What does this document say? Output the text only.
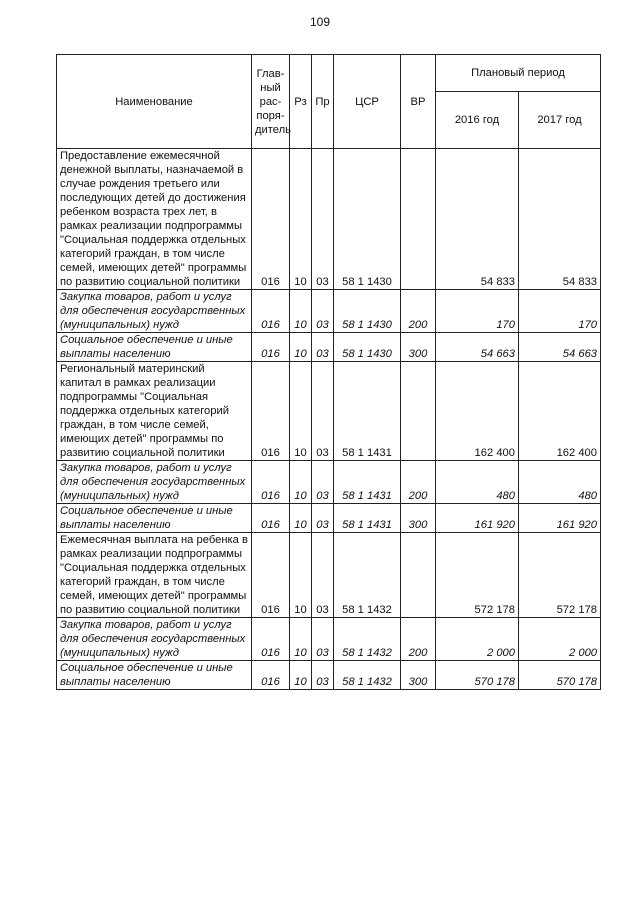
109
Наименование	Глав-ный рас-поря-дитель	Рз	Пр	ЦСР	ВР	Плановый период	
						2016 год	2017 год
Предоставление ежемесячной денежной выплаты, назначаемой в случае рождения третьего или последующих детей до достижения ребенком возраста трех лет, в рамках реализации подпрограммы "Социальная поддержка отдельных категорий граждан, в том числе семей, имеющих детей" программы по развитию социальной политики	016	10	03	58 1 1430		54 833	54 833
Закупка товаров, работ и услуг для обеспечения государственных (муниципальных) нужд	016	10	03	58 1 1430	200	170	170
Социальное обеспечение и иные выплаты населению	016	10	03	58 1 1430	300	54 663	54 663
Региональный материнский капитал в рамках реализации подпрограммы "Социальная поддержка отдельных категорий граждан, в том числе семей, имеющих детей" программы по развитию социальной политики	016	10	03	58 1 1431		162 400	162 400
Закупка товаров, работ и услуг для обеспечения государственных (муниципальных) нужд	016	10	03	58 1 1431	200	480	480
Социальное обеспечение и иные выплаты населению	016	10	03	58 1 1431	300	161 920	161 920
Ежемесячная выплата на ребенка в рамках реализации подпрограммы "Социальная поддержка отдельных категорий граждан, в том числе семей, имеющих детей" программы по развитию социальной политики	016	10	03	58 1 1432		572 178	572 178
Закупка товаров, работ и услуг для обеспечения государственных (муниципальных) нужд	016	10	03	58 1 1432	200	2 000	2 000
Социальное обеспечение и иные выплаты населению	016	10	03	58 1 1432	300	570 178	570 178
